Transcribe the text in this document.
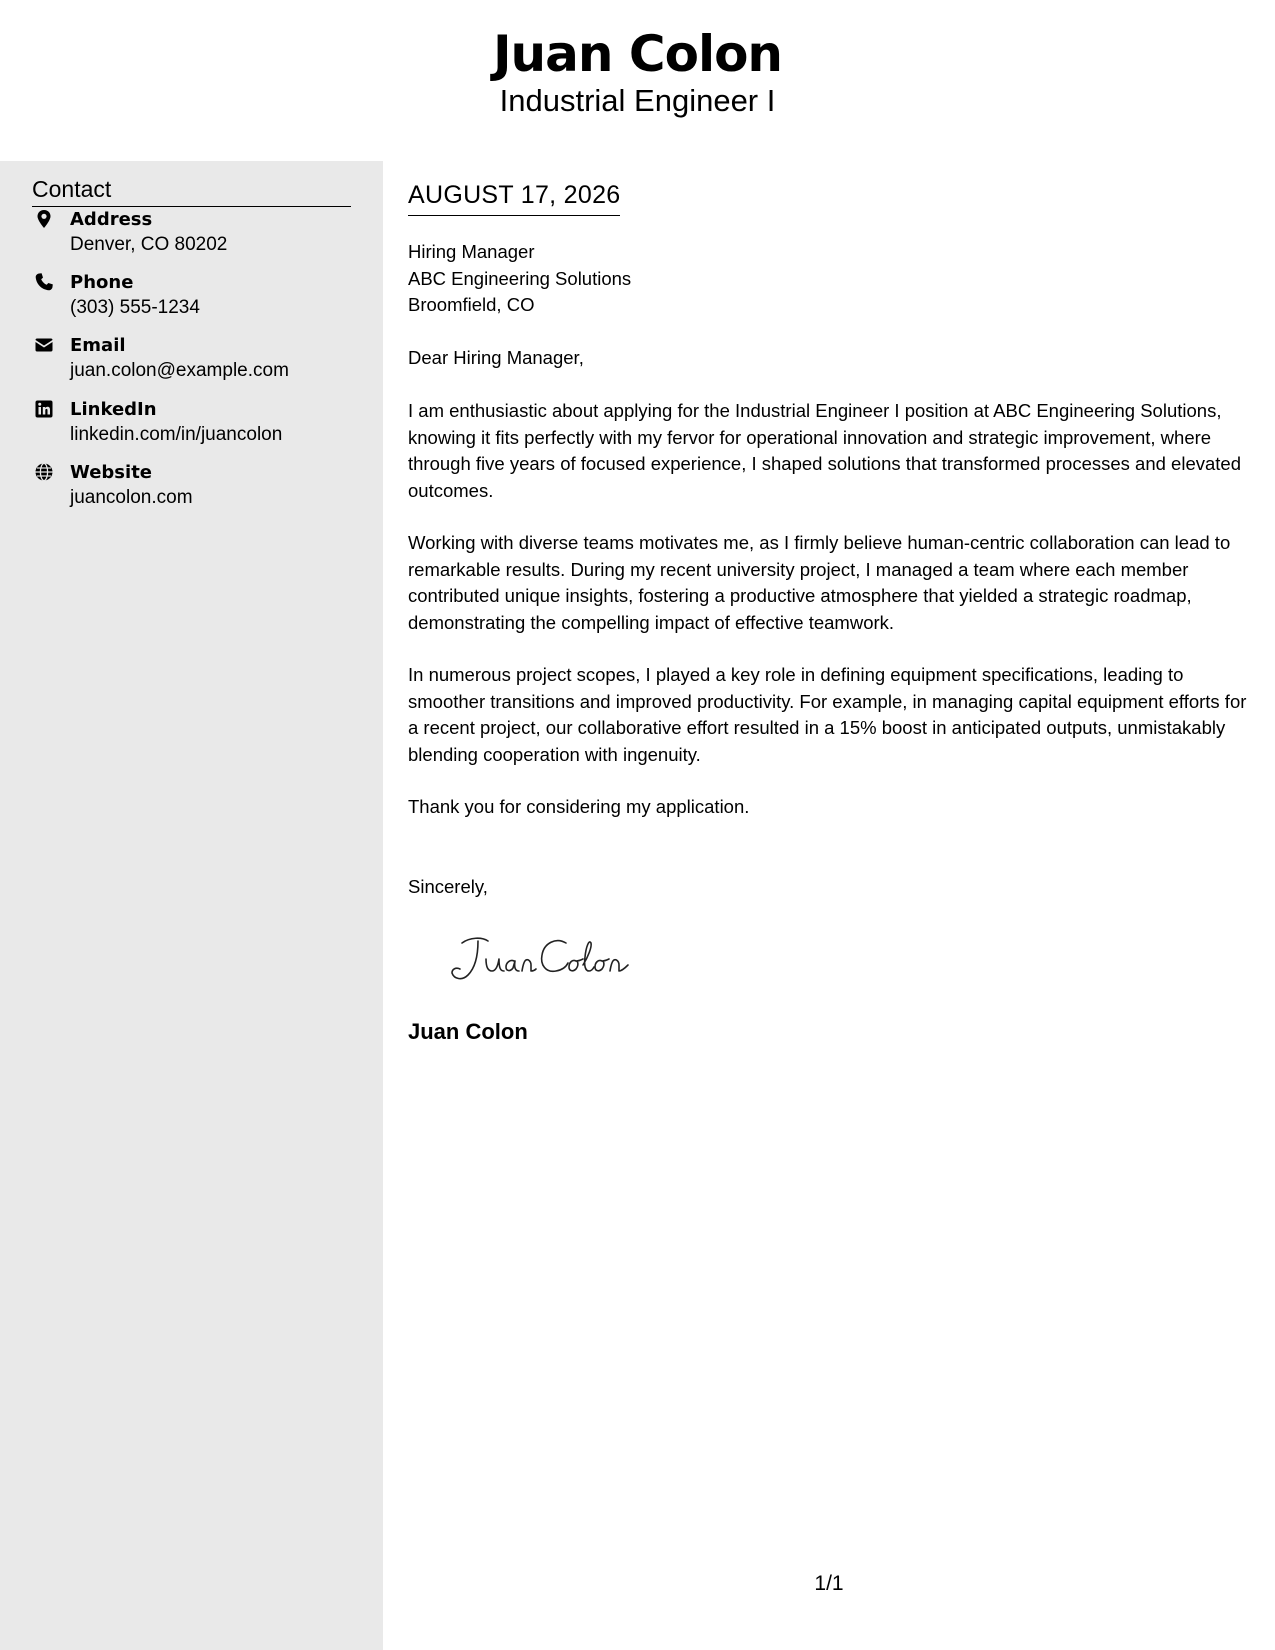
Juan Colon
Industrial Engineer I
Contact
Address
Denver, CO 80202
Phone
(303) 555-1234
Email
juan.colon@example.com
LinkedIn
linkedin.com/in/juancolon
Website
juancolon.com
AUGUST 17, 2026
Hiring Manager
ABC Engineering Solutions
Broomfield, CO

Dear Hiring Manager,

I am enthusiastic about applying for the Industrial Engineer I position at ABC Engineering Solutions, knowing it fits perfectly with my fervor for operational innovation and strategic improvement, where through five years of focused experience, I shaped solutions that transformed processes and elevated outcomes.

Working with diverse teams motivates me, as I firmly believe human-centric collaboration can lead to remarkable results. During my recent university project, I managed a team where each member contributed unique insights, fostering a productive atmosphere that yielded a strategic roadmap, demonstrating the compelling impact of effective teamwork.

In numerous project scopes, I played a key role in defining equipment specifications, leading to smoother transitions and improved productivity. For example, in managing capital equipment efforts for a recent project, our collaborative effort resulted in a 15% boost in anticipated outputs, unmistakably blending cooperation with ingenuity.

Thank you for considering my application.

Sincerely,

Juan Colon
1/1
